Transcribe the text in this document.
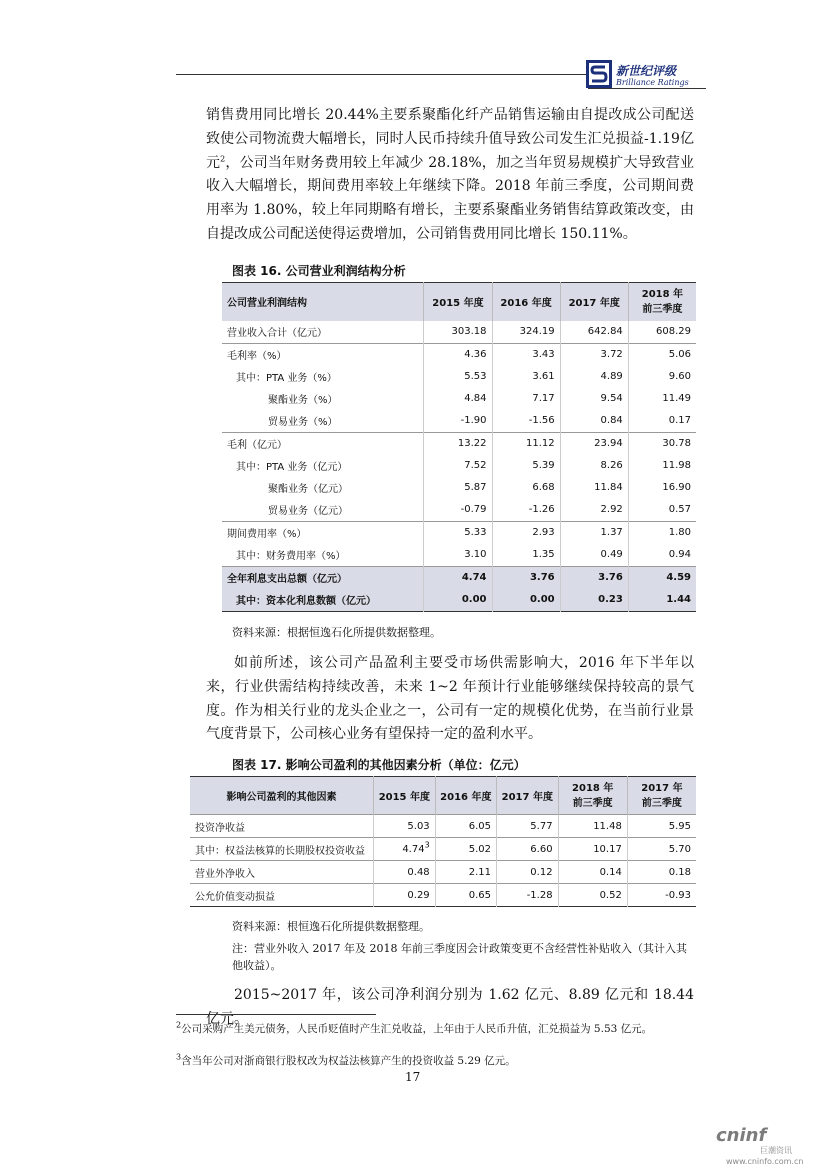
新世纪评级
Brilliance Ratings

销售费用同比增长 20.44%主要系聚酯化纤产品销售运输由自提改成公司配送致使公司物流费大幅增长，同时人民币持续升值导致公司发生汇兑损益-1.19亿元$^2$，公司当年财务费用较上年减少 28.18%，加之当年贸易规模扩大导致营业收入大幅增长，期间费用率较上年继续下降。2018 年前三季度，公司期间费用率为 1.80%，较上年同期略有增长，主要系聚酯业务销售结算政策改变，由自提改成公司配送使得运费增加，公司销售费用同比增长 150.11%。

图表 16. 公司营业利润结构分析
公司营业利润结构	2015 年度	2016 年度	2017 年度	2018 年
前三季度
营业收入合计（亿元）	303.18	324.19	642.84	608.29
毛利率（%）	4.36	3.43	3.72	5.06
其中：PTA 业务（%）	5.53	3.61	4.89	9.60
聚酯业务（%）	4.84	7.17	9.54	11.49
贸易业务（%）	-1.90	-1.56	0.84	0.17
毛利（亿元）	13.22	11.12	23.94	30.78
其中：PTA 业务（亿元）	7.52	5.39	8.26	11.98
聚酯业务（亿元）	5.87	6.68	11.84	16.90
贸易业务（亿元）	-0.79	-1.26	2.92	0.57
期间费用率（%）	5.33	2.93	1.37	1.80
其中：财务费用率（%）	3.10	1.35	0.49	0.94
全年利息支出总额（亿元）	4.74	3.76	3.76	4.59
其中：资本化利息数额（亿元）	0.00	0.00	0.23	1.44
资料来源：根据恒逸石化所提供数据整理。

如前所述，该公司产品盈利主要受市场供需影响大，2016 年下半年以来，行业供需结构持续改善，未来 1~2 年预计行业能够继续保持较高的景气度。作为相关行业的龙头企业之一，公司有一定的规模化优势，在当前行业景气度背景下，公司核心业务有望保持一定的盈利水平。

图表 17. 影响公司盈利的其他因素分析（单位：亿元）
影响公司盈利的其他因素	2015 年度	2016 年度	2017 年度	2018 年
前三季度	2017 年
前三季度
投资净收益	5.03	6.05	5.77	11.48	5.95
其中：权益法核算的长期股权投资收益	4.74$^3$	5.02	6.60	10.17	5.70
营业外净收入	0.48	2.11	0.12	0.14	0.18
公允价值变动损益	0.29	0.65	-1.28	0.52	-0.93
资料来源：根恒逸石化所提供数据整理。
注：营业外收入 2017 年及 2018 年前三季度因会计政策变更不含经营性补贴收入（其计入其他收益）。

2015~2017 年，该公司净利润分别为 1.62 亿元、8.89 亿元和 18.44 亿元。

$^2$公司采购产生美元债务，人民币贬值时产生汇兑收益，上年由于人民币升值，汇兑损益为 5.53 亿元。
$^3$含当年公司对浙商银行股权改为权益法核算产生的投资收益 5.29 亿元。
17
cninf
巨潮资讯
www.cninfo.com.cn
